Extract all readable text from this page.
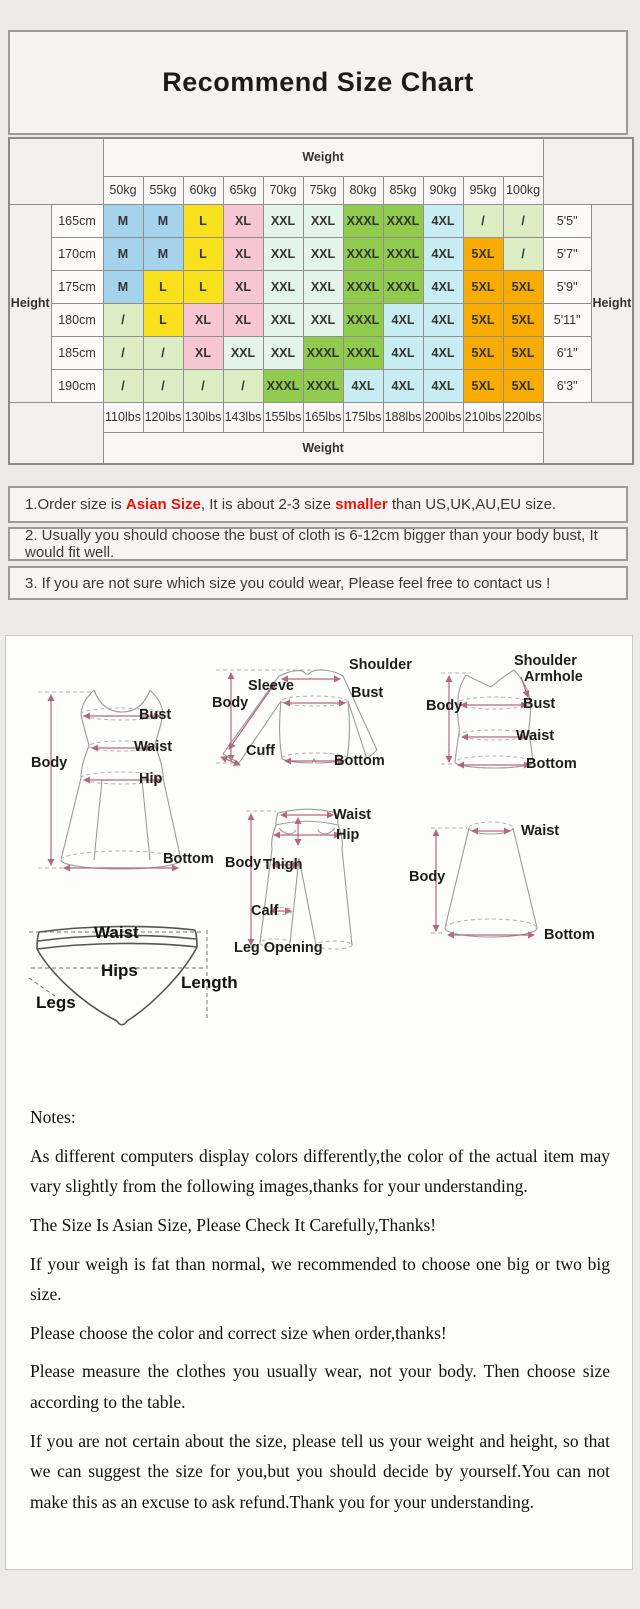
Recommend Size Chart
		Weight												
		50kg	55kg	60kg	65kg	70kg	75kg	80kg	85kg	90kg	95kg	100kg		
Height	165cm	M	M	L	XL	XXL	XXL	XXXL	XXXL	4XL	/	/	5'5"	Height
	170cm	M	M	L	XL	XXL	XXL	XXXL	XXXL	4XL	5XL	/	5'7"	
	175cm	M	L	L	XL	XXL	XXL	XXXL	XXXL	4XL	5XL	5XL	5'9"	
	180cm	/	L	XL	XL	XXL	XXL	XXXL	4XL	4XL	5XL	5XL	5'11"	
	185cm	/	/	XL	XXL	XXL	XXXL	XXXL	4XL	4XL	5XL	5XL	6'1"	
	190cm	/	/	/	/	XXXL	XXXL	4XL	4XL	4XL	5XL	5XL	6'3"	
		110lbs	120lbs	130lbs	143lbs	155lbs	165lbs	175lbs	188lbs	200lbs	210lbs	220lbs		
		Weight												
1.Order size is Asian Size, It is about 2-3 size smaller than US,UK,AU,EU size.
2. Usually you should choose the bust of cloth is 6-12cm bigger than your body bust, It would fit well.
3. If you are not sure which size you could wear, Please feel free to contact us !
Bust
Waist
Hip
Body
Bottom
Sleeve
Shoulder
Body
Bust
Cuff
Bottom
Shoulder
Armhole
Bust
Body
Waist
Bottom
Waist
Hip
Body Thigh
Calf
Leg Opening
Waist
Body
Bottom
Waist
Hips
Legs
Length

Notes:

As different computers display colors differently,the color of the actual item may vary slightly from the following images,thanks for your understanding.

The Size Is Asian Size, Please Check It Carefully,Thanks!

If your weigh is fat than normal, we recommended to choose one big or two big size.

Please choose the color and correct size when order,thanks!

Please measure the clothes you usually wear, not your body. Then choose size according to the table.

If you are not certain about the size, please tell us your weight and height, so that we can suggest the size for you,but you should decide by yourself.You can not make this as an excuse to ask refund.Thank you for your understanding.
